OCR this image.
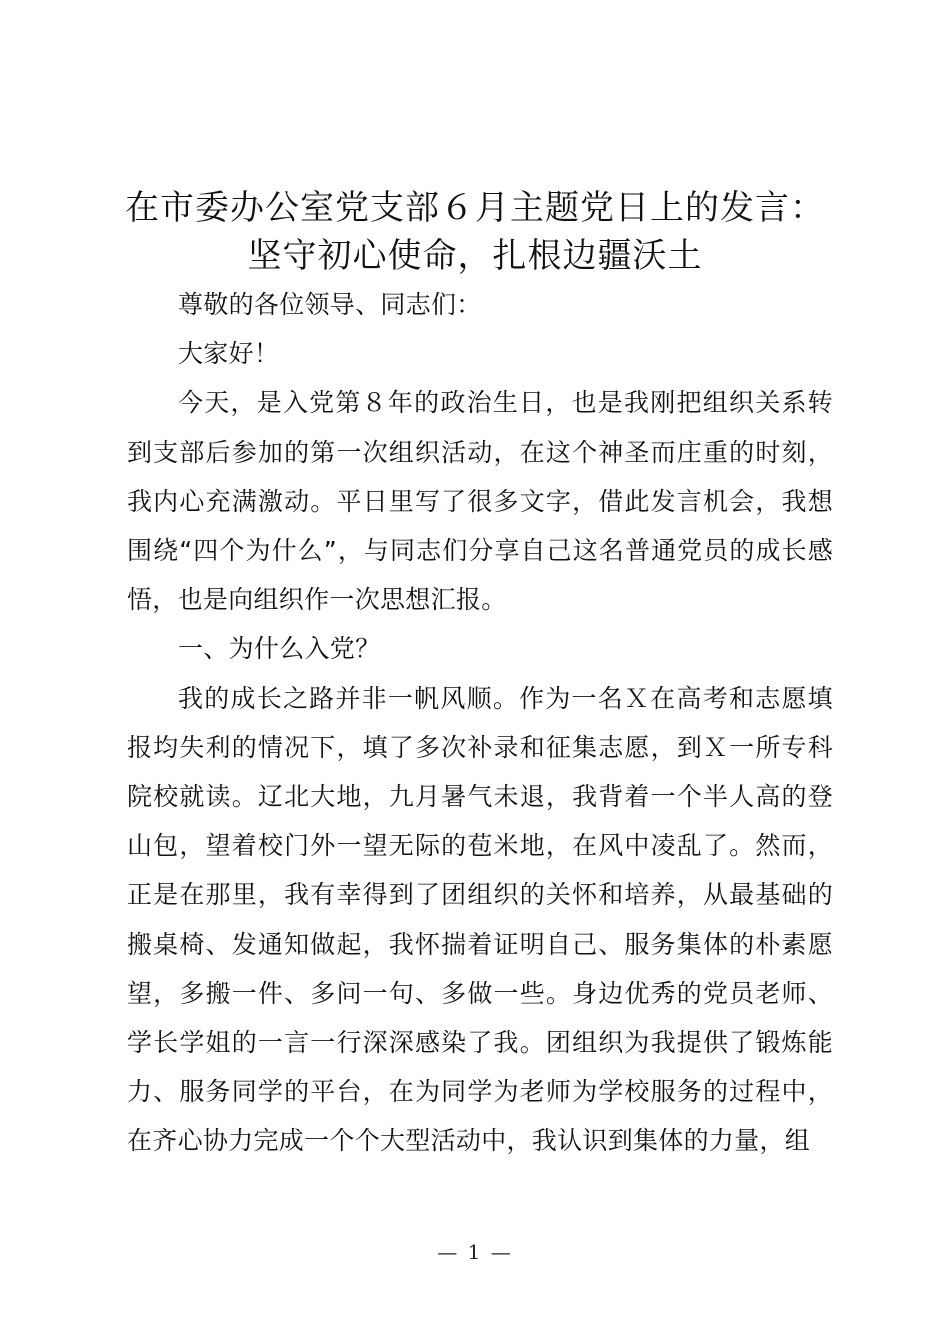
在市委办公室党支部６月主题党日上的发言：
坚守初心使命，扎根边疆沃土

尊敬的各位领导、同志们：

大家好！

今天，是入党第８年的政治生日，也是我刚把组织关系转到支部后参加的第一次组织活动，在这个神圣而庄重的时刻，我内心充满激动。平日里写了很多文字，借此发言机会，我想围绕“四个为什么”，与同志们分享自己这名普通党员的成长感悟，也是向组织作一次思想汇报。

一、为什么入党？

我的成长之路并非一帆风顺。作为一名Ｘ在高考和志愿填报均失利的情况下，填了多次补录和征集志愿，到Ｘ一所专科院校就读。辽北大地，九月暑气未退，我背着一个半人高的登山包，望着校门外一望无际的苞米地，在风中凌乱了。然而，正是在那里，我有幸得到了团组织的关怀和培养，从最基础的搬桌椅、发通知做起，我怀揣着证明自己、服务集体的朴素愿望，多搬一件、多问一句、多做一些。身边优秀的党员老师、学长学姐的一言一行深深感染了我。团组织为我提供了锻炼能力、服务同学的平台，在为同学为老师为学校服务的过程中，在齐心协力完成一个个大型活动中，我认识到集体的力量，组

— 1 —
